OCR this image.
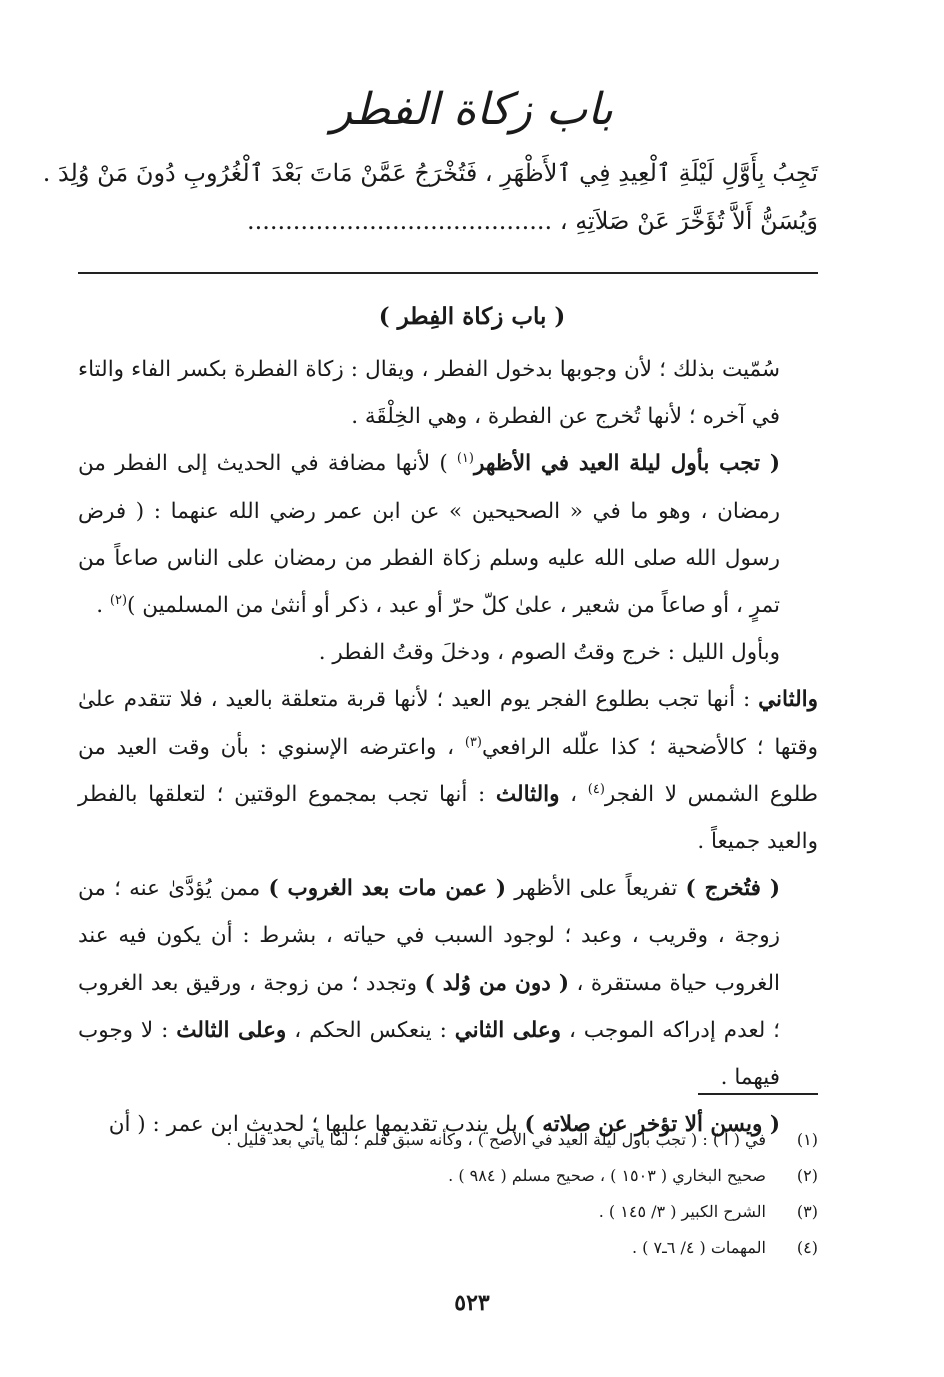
باب زكاة الفطر
تَجِبُ بِأَوَّلِ لَيْلَةِ ٱلْعِيدِ فِي ٱلأَظْهَرِ ، فَتُخْرَجُ عَمَّنْ مَاتَ بَعْدَ ٱلْغُرُوبِ دُونَ مَنْ وُلِدَ .
وَيُسَنُّ أَلاَّ تُؤَخَّرَ عَنْ صَلاَتِهِ ، ........................................
( باب زكاة الفِطر )

سُمّيت بذلك ؛ لأن وجوبها بدخول الفطر ، ويقال : زكاة الفطرة بكسر الفاء والتاء في آخره ؛ لأنها تُخرج عن الفطرة ، وهي الخِلْقَة .

( تجب بأول ليلة العيد في الأظهر$^{(١)}$ ) لأنها مضافة في الحديث إلى الفطر من رمضان ، وهو ما في « الصحيحين » عن ابن عمر رضي الله عنهما : ( فرض رسول الله صلى الله عليه وسلم زكاة الفطر من رمضان على الناس صاعاً من تمرٍ ، أو صاعاً من شعير ، علىٰ كلّ حرّ أو عبد ، ذكر أو أنثىٰ من المسلمين )$^{(٢)}$ .

وبأول الليل : خرج وقتُ الصوم ، ودخلَ وقتُ الفطر .

والثاني : أنها تجب بطلوع الفجر يوم العيد ؛ لأنها قربة متعلقة بالعيد ، فلا تتقدم علىٰ وقتها ؛ كالأضحية ؛ كذا علّله الرافعي$^{(٣)}$ ، واعترضه الإسنوي : بأن وقت العيد من طلوع الشمس لا الفجر$^{(٤)}$ ، والثالث : أنها تجب بمجموع الوقتين ؛ لتعلقها بالفطر والعيد جميعاً .

( فتُخرج ) تفريعاً على الأظهر ( عمن مات بعد الغروب ) ممن يُؤدَّىٰ عنه ؛ من زوجة ، وقريب ، وعبد ؛ لوجود السبب في حياته ، بشرط : أن يكون فيه عند الغروب حياة مستقرة ، ( دون من وُلد ) وتجدد ؛ من زوجة ، ورقيق بعد الغروب ؛ لعدم إدراكه الموجب ، وعلى الثاني : ينعكس الحكم ، وعلى الثالث : لا وجوب فيهما .

( ويسن ألا تؤخر عن صلاته ) بل يندب تقديمها عليها ؛ لحديث ابن عمر : ( أن

(١)
في ( أ ) : ( تجب بأول ليلة العيد في الأصح ) ، وكأنه سبق قلم ؛ لما يأتي بعد قليل .
(٢)
صحيح البخاري ( ١٥٠٣ ) ، صحيح مسلم ( ٩٨٤ ) .
(٣)
الشرح الكبير ( ٣/ ١٤٥ ) .
(٤)
المهمات ( ٤/ ٦ـ٧ ) .
٥٢٣
